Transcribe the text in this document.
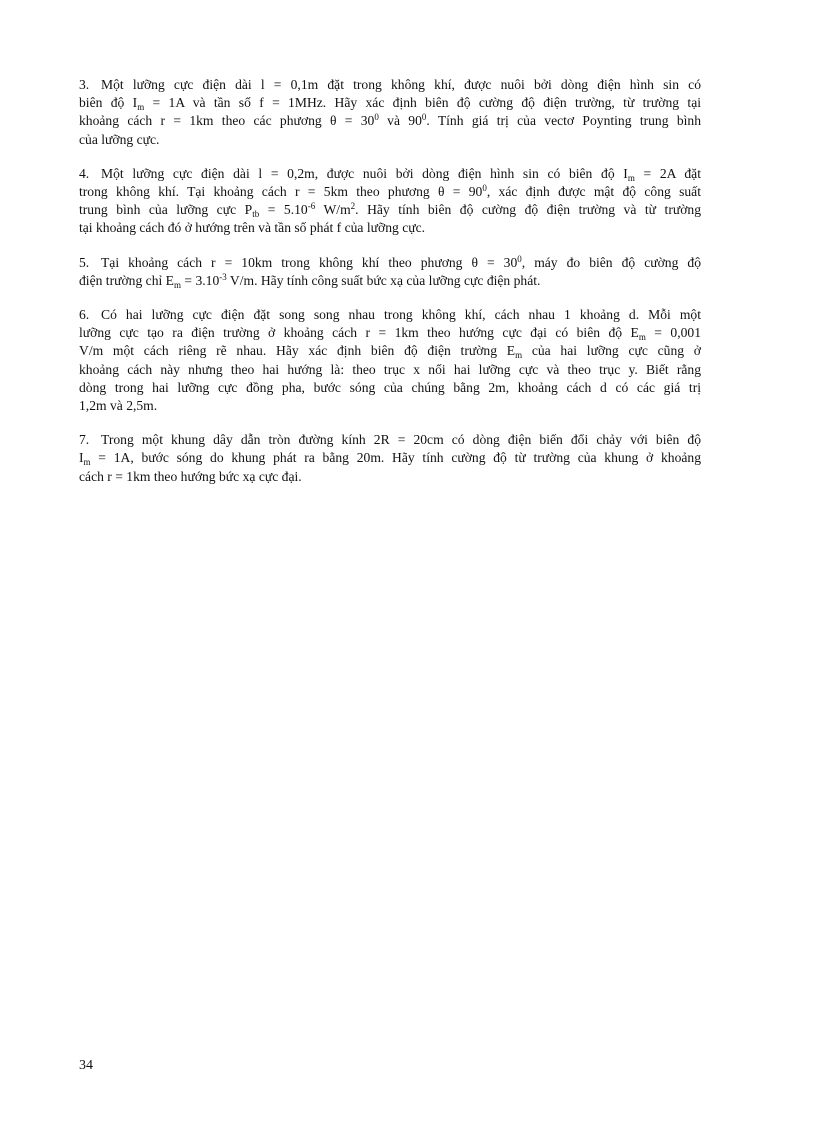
3. Một lưỡng cực điện dài l = 0,1m đặt trong không khí, được nuôi bởi dòng điện hình sin có
biên độ $I_m = 1A$ và tần số f = 1MHz. Hãy xác định biên độ cường độ điện trường, từ trường tại
khoảng cách r = 1km theo các phương $\theta = 30^0$ và $90^0$. Tính giá trị của vectơ Poynting trung bình
của lưỡng cực.
4. Một lưỡng cực điện dài l = 0,2m, được nuôi bởi dòng điện hình sin có biên độ $I_m = 2A$ đặt
trong không khí. Tại khoảng cách r = 5km theo phương $\theta = 90^0$, xác định được mật độ công suất
trung bình của lưỡng cực $P_{tb} = 5.10^{-6}$ $W/m^2$. Hãy tính biên độ cường độ điện trường và từ trường
tại khoảng cách đó ở hướng trên và tần số phát f của lưỡng cực.
5. Tại khoảng cách r = 10km trong không khí theo phương $\theta = 30^0$, máy đo biên độ cường độ
điện trường chỉ $E_m = 3.10^{-3}$ V/m. Hãy tính công suất bức xạ của lưỡng cực điện phát.
6. Có hai lưỡng cực điện đặt song song nhau trong không khí, cách nhau 1 khoảng d. Mỗi một
lưỡng cực tạo ra điện trường ở khoảng cách r = 1km theo hướng cực đại có biên độ $E_m = 0,001$
V/m một cách riêng rẽ nhau. Hãy xác định biên độ điện trường $E_m$ của hai lưỡng cực cũng ở
khoảng cách này nhưng theo hai hướng là: theo trục x nối hai lưỡng cực và theo trục y. Biết rằng
dòng trong hai lưỡng cực đồng pha, bước sóng của chúng bằng 2m, khoảng cách d có các giá trị
1,2m và 2,5m.
7. Trong một khung dây dẫn tròn đường kính 2R = 20cm có dòng điện biến đổi chảy với biên độ
$I_m = 1A$, bước sóng do khung phát ra bằng 20m. Hãy tính cường độ từ trường của khung ở khoảng
cách r = 1km theo hướng bức xạ cực đại.
34
